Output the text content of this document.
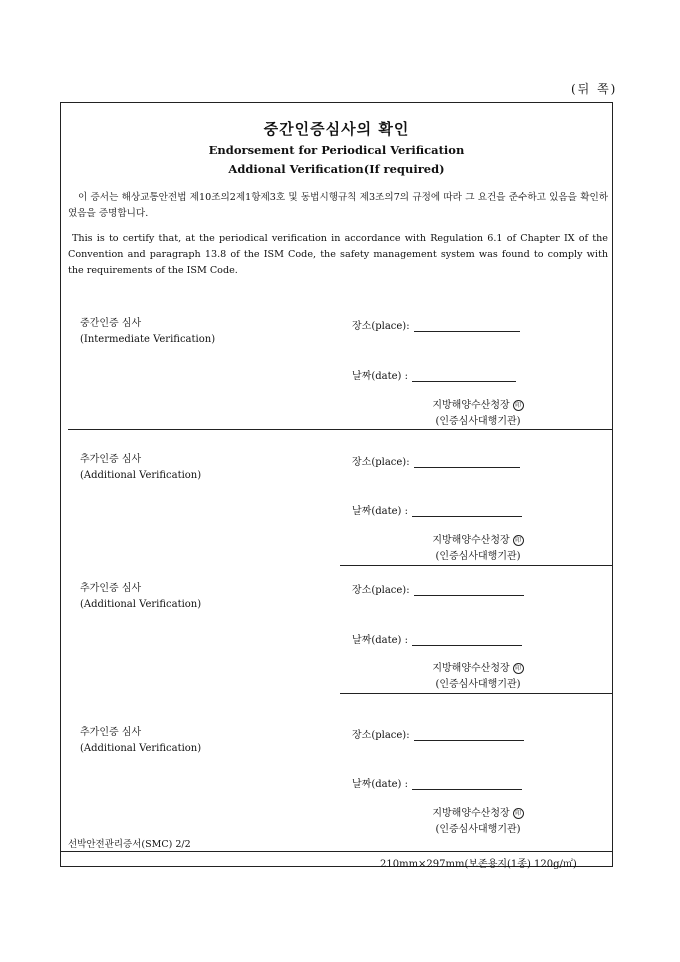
(뒤 쪽)
중간인증심사의 확인
Endorsement for Periodical Verification
Addional Verification(If required)
이 증서는 해상교통안전법 제10조의2제1항제3호 및 동법시행규칙 제3조의7의 규정에 따라 그 요건을 준수하고 있음을 확인하였음을 증명합니다.
This is to certify that, at the periodical verification in accordance with Regulation 6.1 of Chapter IX of the Convention and paragraph 13.8 of the ISM Code, the safety management system was found to comply with the requirements of the ISM Code.
중간인증 심사
(Intermediate Verification)
장소(place):
날짜(date) :
지방해양수산청장 印
(인증심사대행기관)
추가인증 심사
(Additional Verification)
장소(place):
날짜(date) :
지방해양수산청장 印
(인증심사대행기관)
추가인증 심사
(Additional Verification)
장소(place):
날짜(date) :
지방해양수산청장 印
(인증심사대행기관)
추가인증 심사
(Additional Verification)
장소(place):
날짜(date) :
지방해양수산청장 印
(인증심사대행기관)
선박안전관리증서(SMC) 2/2
210mm×297mm(보존용지(1종) 120g/㎡)
